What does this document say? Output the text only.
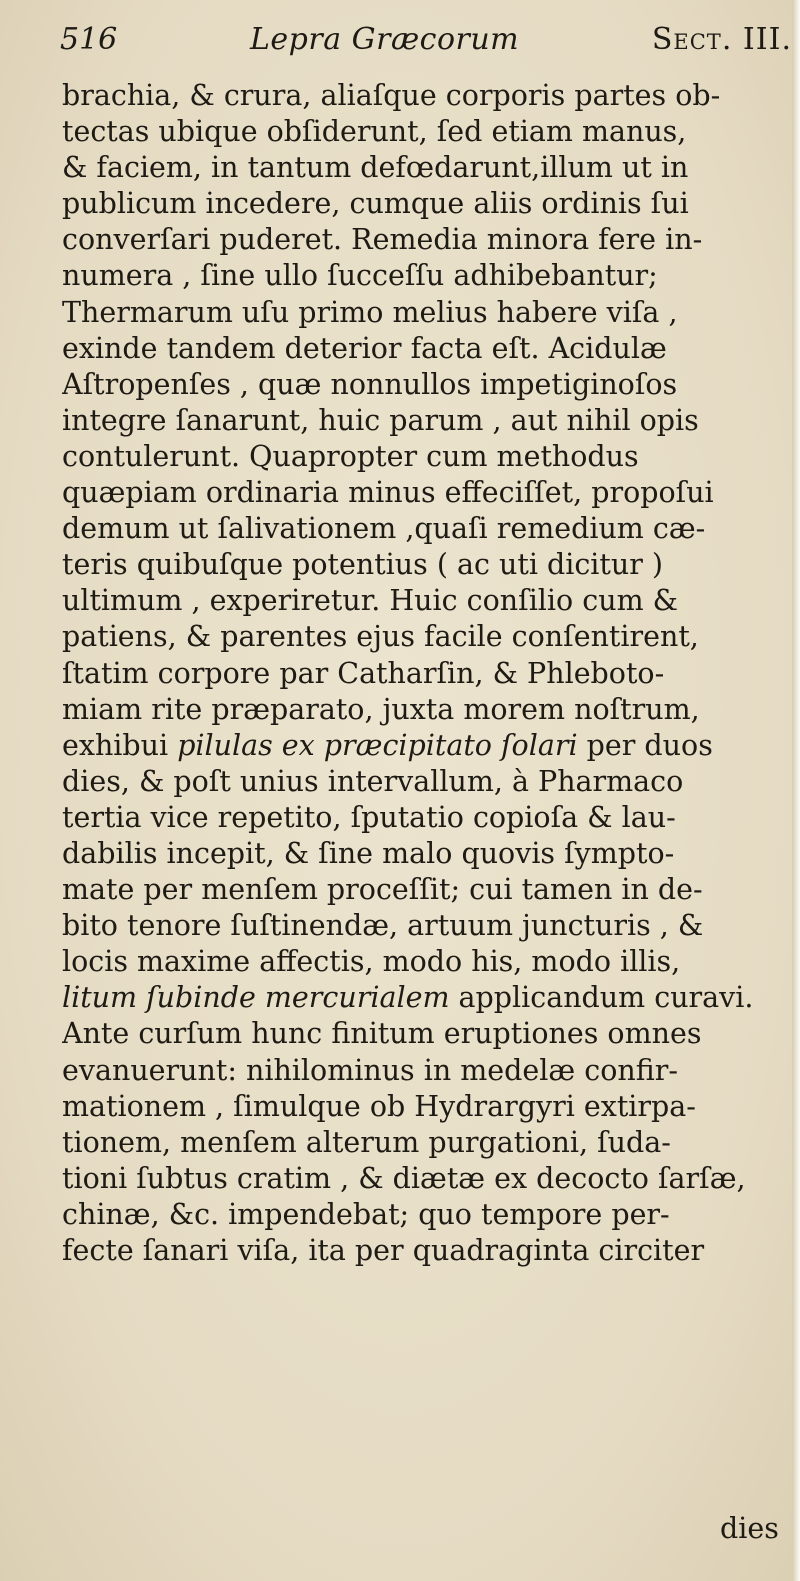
516	Lepra Græcorum	Sect. III.
brachia, & crura, aliaſque corporis partes ob-
tectas ubique obſiderunt, ſed etiam manus,
& faciem, in tantum defœdarunt,illum ut in
publicum incedere, cumque aliis ordinis ſui
converſari puderet. Remedia minora fere in-
numera , ſine ullo ſucceſſu adhibebantur;
Thermarum uſu primo melius habere viſa ,
exinde tandem deterior facta eſt. Acidulæ
Aſtropenſes , quæ nonnullos impetiginoſos
integre ſanarunt, huic parum , aut nihil opis
contulerunt. Quapropter cum methodus
quæpiam ordinaria minus effeciſſet, propoſui
demum ut ſalivationem ,quaſi remedium cæ-
teris quibuſque potentius ( ac uti dicitur )
ultimum , experiretur. Huic conſilio cum &
patiens, & parentes ejus facile conſentirent,
ſtatim corpore par Catharſin, & Phleboto-
miam rite præparato, juxta morem noſtrum,
exhibui pilulas ex præcipitato ſolari per duos
dies, & poſt unius intervallum, à Pharmaco
tertia vice repetito, ſputatio copioſa & lau-
dabilis incepit, & ſine malo quovis ſympto-
mate per menſem proceſſit; cui tamen in de-
bito tenore ſuſtinendæ, artuum juncturis , &
locis maxime affectis, modo his, modo illis,
litum ſubinde mercurialem applicandum curavi.
Ante curſum hunc finitum eruptiones omnes
evanuerunt: nihilominus in medelæ confir-
mationem , ſimulque ob Hydrargyri extirpa-
tionem, menſem alterum purgationi, ſuda-
tioni ſubtus cratim , & diætæ ex decocto ſarſæ,
chinæ, &c. impendebat; quo tempore per-
fecte ſanari viſa, ita per quadraginta circiter
dies
